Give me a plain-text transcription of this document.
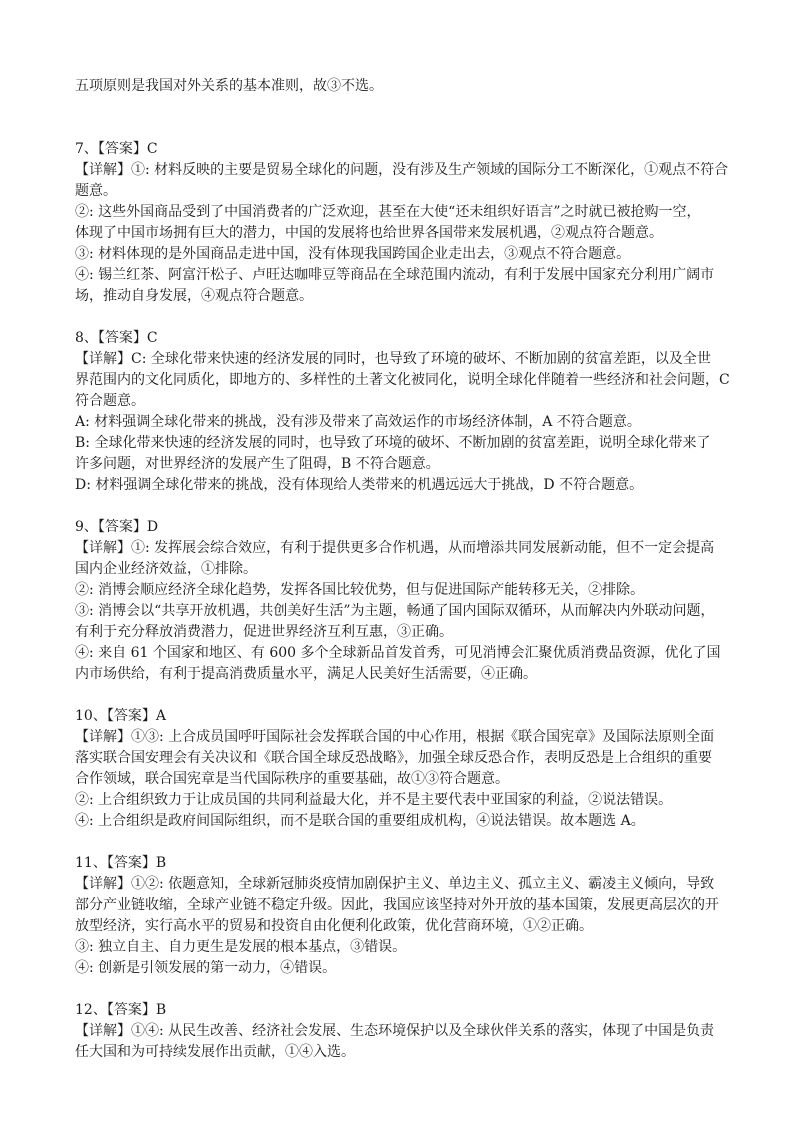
五项原则是我国对外关系的基本准则，故③不选。
7、【答案】C
【详解】①: 材料反映的主要是贸易全球化的问题，没有涉及生产领域的国际分工不断深化，①观点不符合
题意。
②: 这些外国商品受到了中国消费者的广泛欢迎，甚至在大使“还未组织好语言”之时就已被抢购一空，
体现了中国市场拥有巨大的潜力，中国的发展将也给世界各国带来发展机遇，②观点符合题意。
③: 材料体现的是外国商品走进中国，没有体现我国跨国企业走出去，③观点不符合题意。
④: 锡兰红茶、阿富汗松子、卢旺达咖啡豆等商品在全球范围内流动，有利于发展中国家充分利用广阔市
场，推动自身发展，④观点符合题意。
8、【答案】C
【详解】C: 全球化带来快速的经济发展的同时，也导致了环境的破坏、不断加剧的贫富差距，以及全世
界范围内的文化同质化，即地方的、多样性的土著文化被同化，说明全球化伴随着一些经济和社会问题，C
符合题意。
A: 材料强调全球化带来的挑战，没有涉及带来了高效运作的市场经济体制，A 不符合题意。
B: 全球化带来快速的经济发展的同时，也导致了环境的破坏、不断加剧的贫富差距，说明全球化带来了
许多问题，对世界经济的发展产生了阻碍，B 不符合题意。
D: 材料强调全球化带来的挑战，没有体现给人类带来的机遇远远大于挑战，D 不符合题意。
9、【答案】D
【详解】①: 发挥展会综合效应，有利于提供更多合作机遇，从而增添共同发展新动能，但不一定会提高
国内企业经济效益，①排除。
②: 消博会顺应经济全球化趋势，发挥各国比较优势，但与促进国际产能转移无关，②排除。
③: 消博会以“共享开放机遇，共创美好生活”为主题，畅通了国内国际双循环，从而解决内外联动问题，
有利于充分释放消费潜力，促进世界经济互利互惠，③正确。
④: 来自 61 个国家和地区、有 600 多个全球新品首发首秀，可见消博会汇聚优质消费品资源，优化了国
内市场供给，有利于提高消费质量水平，满足人民美好生活需要，④正确。
10、【答案】A
【详解】①③: 上合成员国呼吁国际社会发挥联合国的中心作用，根据《联合国宪章》及国际法原则全面
落实联合国安理会有关决议和《联合国全球反恐战略》，加强全球反恐合作，表明反恐是上合组织的重要
合作领域，联合国宪章是当代国际秩序的重要基础，故①③符合题意。
②: 上合组织致力于让成员国的共同利益最大化，并不是主要代表中亚国家的利益，②说法错误。
④: 上合组织是政府间国际组织，而不是联合国的重要组成机构，④说法错误。故本题选 A。
11、【答案】B
【详解】①②: 依题意知，全球新冠肺炎疫情加剧保护主义、单边主义、孤立主义、霸凌主义倾向，导致
部分产业链收缩，全球产业链不稳定升级。因此，我国应该坚持对外开放的基本国策，发展更高层次的开
放型经济，实行高水平的贸易和投资自由化便利化政策，优化营商环境，①②正确。
③: 独立自主、自力更生是发展的根本基点，③错误。
④: 创新是引领发展的第一动力，④错误。
12、【答案】B
【详解】①④: 从民生改善、经济社会发展、生态环境保护以及全球伙伴关系的落实，体现了中国是负责
任大国和为可持续发展作出贡献，①④入选。
